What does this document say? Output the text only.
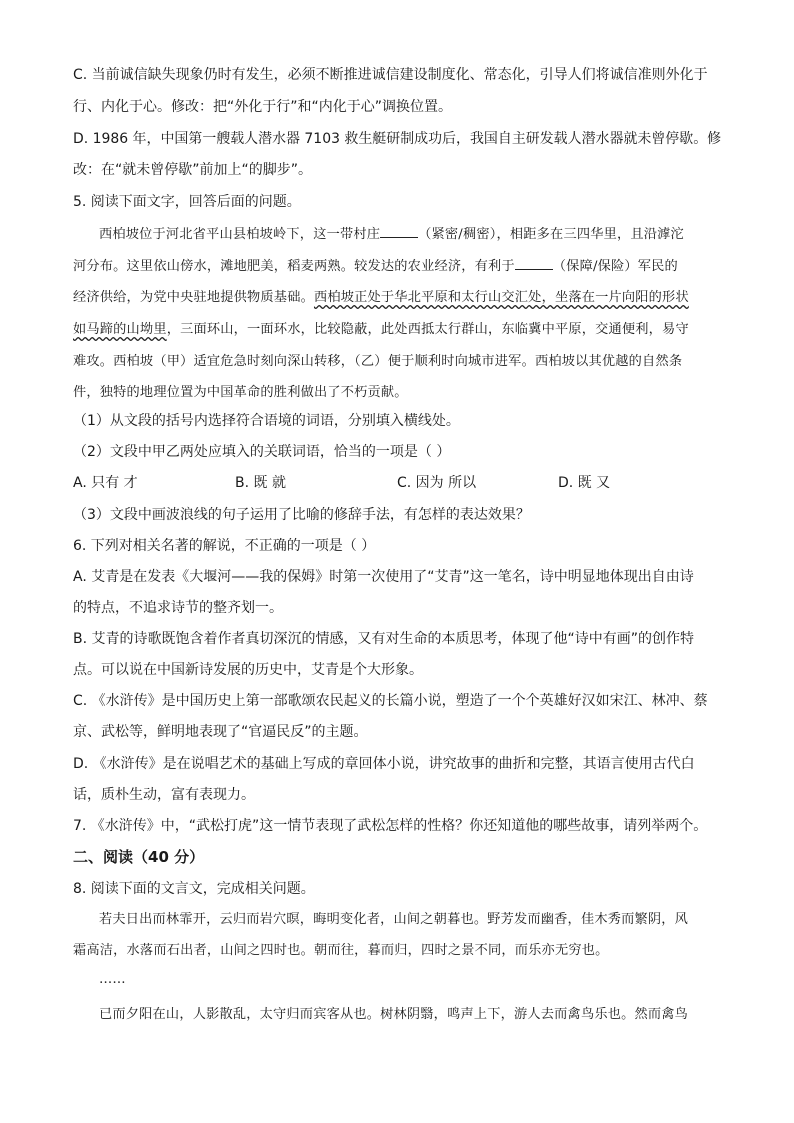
C. 当前诚信缺失现象仍时有发生，必须不断推进诚信建设制度化、常态化，引导人们将诚信准则外化于
行、内化于心。修改：把“外化于行”和“内化于心”调换位置。
D. 1986 年，中国第一艘载人潜水器 7103 救生艇研制成功后，我国自主研发载人潜水器就未曾停歇。修
改：在“就未曾停歇”前加上“的脚步”。
5. 阅读下面文字，回答后面的问题。
西柏坡位于河北省平山县柏坡岭下，这一带村庄	（紧密/稠密），相距多在三四华里，且沿滹沱
河分布。这里依山傍水，滩地肥美，稻麦两熟。较发达的农业经济，有利于	（保障/保险）军民的
经济供给，为党中央驻地提供物质基础。西柏坡正处于华北平原和太行山交汇处，坐落在一片向阳的形状
如马蹄的山坳里，三面环山，一面环水，比较隐蔽，此处西抵太行群山，东临冀中平原，交通便利，易守
难攻。西柏坡（甲）适宜危急时刻向深山转移，（乙）便于顺利时向城市进军。西柏坡以其优越的自然条
件，独特的地理位置为中国革命的胜利做出了不朽贡献。
（1）从文段的括号内选择符合语境的词语，分别填入横线处。
（2）文段中甲乙两处应填入的关联词语，恰当的一项是（ ）
A. 只有 才	B. 既 就	C. 因为 所以	D. 既 又
（3）文段中画波浪线的句子运用了比喻的修辞手法，有怎样的表达效果？
6. 下列对相关名著的解说，不正确的一项是（ ）
A. 艾青是在发表《大堰河——我的保姆》时第一次使用了“艾青”这一笔名，诗中明显地体现出自由诗
的特点，不追求诗节的整齐划一。
B. 艾青的诗歌既饱含着作者真切深沉的情感，又有对生命的本质思考，体现了他“诗中有画”的创作特
点。可以说在中国新诗发展的历史中，艾青是个大形象。
C. 《水浒传》是中国历史上第一部歌颂农民起义的长篇小说，塑造了一个个英雄好汉如宋江、林冲、蔡
京、武松等，鲜明地表现了“官逼民反”的主题。
D. 《水浒传》是在说唱艺术的基础上写成的章回体小说，讲究故事的曲折和完整，其语言使用古代白
话，质朴生动，富有表现力。
7. 《水浒传》中，“武松打虎”这一情节表现了武松怎样的性格？你还知道他的哪些故事，请列举两个。
二、阅读（40 分）
8. 阅读下面的文言文，完成相关问题。
若夫日出而林霏开，云归而岩穴暝，晦明变化者，山间之朝暮也。野芳发而幽香，佳木秀而繁阴，风
霜高洁，水落而石出者，山间之四时也。朝而往，暮而归，四时之景不同，而乐亦无穷也。
……
已而夕阳在山，人影散乱，太守归而宾客从也。树林阴翳，鸣声上下，游人去而禽鸟乐也。然而禽鸟
